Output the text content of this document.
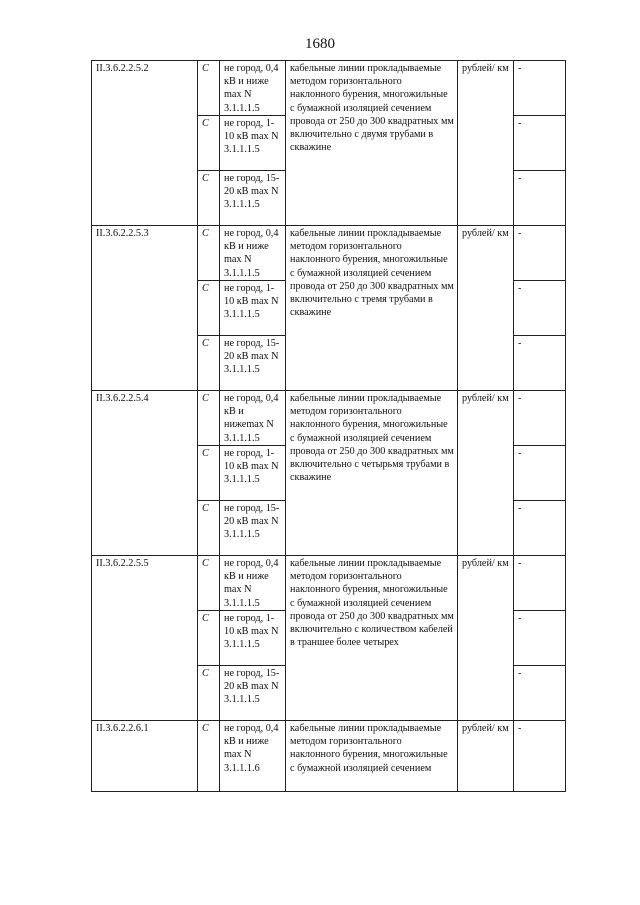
1680
II.3.6.2.2.5.2	C	не город, 0,4 кВ и ниже max N 3.1.1.1.5	кабельные линии прокладываемые методом горизонтального наклонного бурения, многожильные с бумажной изоляцией сечением провода от 250 до 300 квадратных мм включительно с двумя трубами в скважине	рублей/ км	-
	C	не город, 1-10 кВ max N 3.1.1.1.5			-
	C	не город, 15-20 кВ max N 3.1.1.1.5			-
II.3.6.2.2.5.3	C	не город, 0,4 кВ и ниже max N 3.1.1.1.5	кабельные линии прокладываемые методом горизонтального наклонного бурения, многожильные с бумажной изоляцией сечением провода от 250 до 300 квадратных мм включительно с тремя трубами в скважине	рублей/ км	-
	C	не город, 1-10 кВ max N 3.1.1.1.5			-
	C	не город, 15-20 кВ max N 3.1.1.1.5			-
II.3.6.2.2.5.4	C	не город, 0,4 кВ и нижеmax N 3.1.1.1.5	кабельные линии прокладываемые методом горизонтального наклонного бурения, многожильные с бумажной изоляцией сечением провода от 250 до 300 квадратных мм включительно с четырьмя трубами в скважине	рублей/ км	-
	C	не город, 1-10 кВ max N 3.1.1.1.5			-
	C	не город, 15-20 кВ max N 3.1.1.1.5			-
II.3.6.2.2.5.5	C	не город, 0,4 кВ и ниже max N 3.1.1.1.5	кабельные линии прокладываемые методом горизонтального наклонного бурения, многожильные с бумажной изоляцией сечением провода от 250 до 300 квадратных мм включительно с количеством кабелей в траншее более четырех	рублей/ км	-
	C	не город, 1-10 кВ max N 3.1.1.1.5			-
	C	не город, 15-20 кВ max N 3.1.1.1.5			-
II.3.6.2.2.6.1	C	не город, 0,4 кВ и ниже max N 3.1.1.1.6	кабельные линии прокладываемые методом горизонтального наклонного бурения, многожильные с бумажной изоляцией сечением	рублей/ км	-
